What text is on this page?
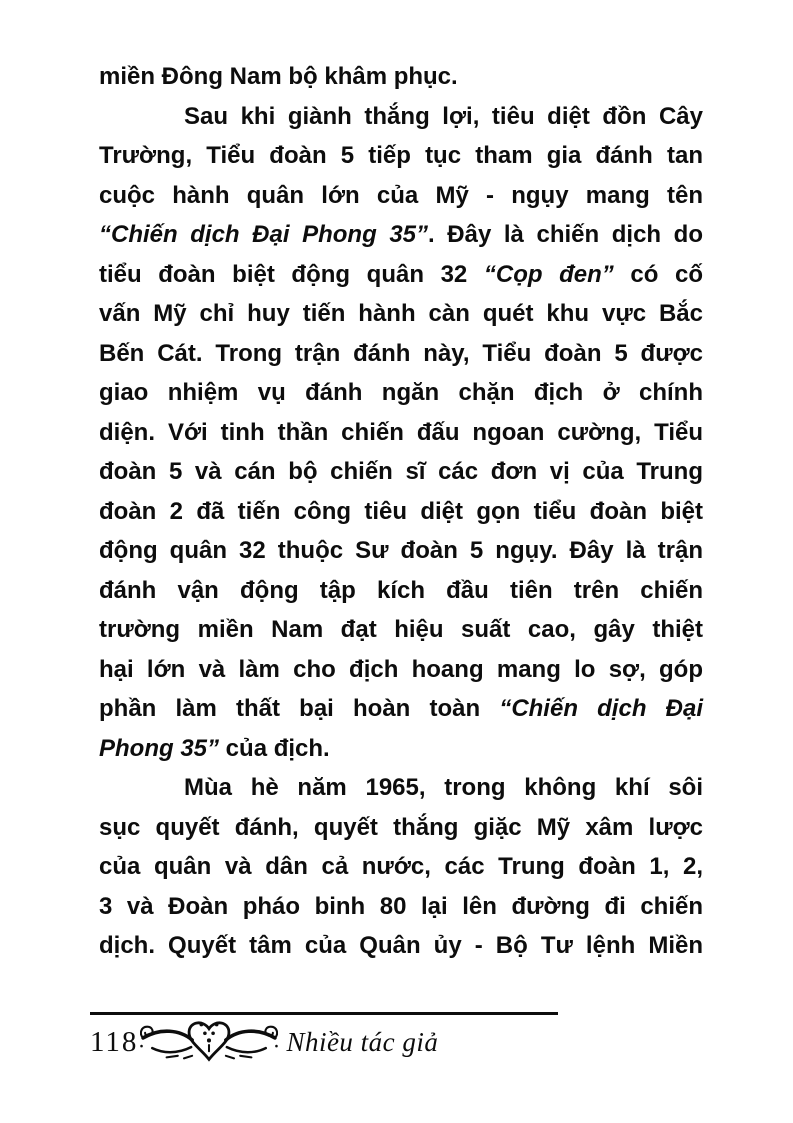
miền Đông Nam bộ khâm phục.
Sau khi giành thắng lợi, tiêu diệt đồn Cây
Trường, Tiểu đoàn 5 tiếp tục tham gia đánh tan
cuộc hành quân lớn của Mỹ - ngụy mang tên
“Chiến dịch Đại Phong 35”. Đây là chiến dịch do
tiểu đoàn biệt động quân 32 “Cọp đen” có cố
vấn Mỹ chỉ huy tiến hành càn quét khu vực Bắc
Bến Cát. Trong trận đánh này, Tiểu đoàn 5 được
giao nhiệm vụ đánh ngăn chặn địch ở chính
diện. Với tinh thần chiến đấu ngoan cường, Tiểu
đoàn 5 và cán bộ chiến sĩ các đơn vị của Trung
đoàn 2 đã tiến công tiêu diệt gọn tiểu đoàn biệt
động quân 32 thuộc Sư đoàn 5 ngụy. Đây là trận
đánh vận động tập kích đầu tiên trên chiến
trường miền Nam đạt hiệu suất cao, gây thiệt
hại lớn và làm cho địch hoang mang lo sợ, góp
phần làm thất bại hoàn toàn “Chiến dịch Đại
Phong 35” của địch.
Mùa hè năm 1965, trong không khí sôi
sục quyết đánh, quyết thắng giặc Mỹ xâm lược
của quân và dân cả nước, các Trung đoàn 1, 2,
3 và Đoàn pháo binh 80 lại lên đường đi chiến
dịch. Quyết tâm của Quân ủy - Bộ Tư lệnh Miền
118	Nhiều tác giả
